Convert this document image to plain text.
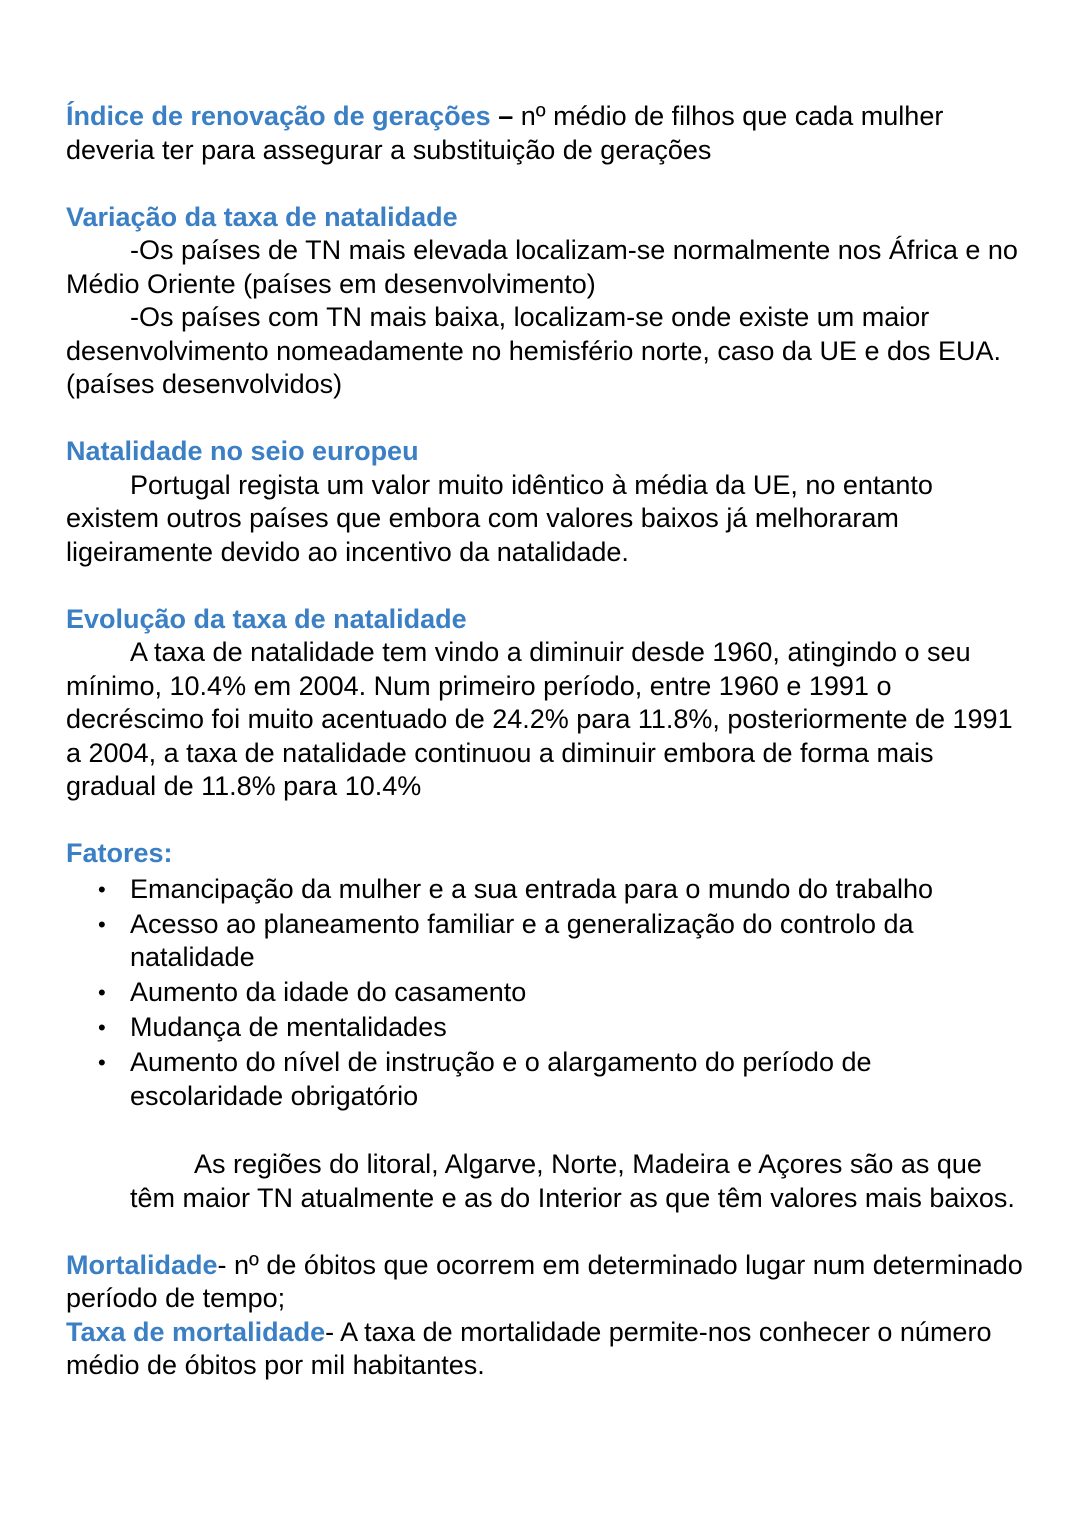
Índice de renovação de gerações – nº médio de filhos que cada mulher deveria ter para assegurar a substituição de gerações

Variação da taxa de natalidade

-Os países de TN mais elevada localizam-se normalmente nos África e no Médio Oriente (países em desenvolvimento)

-Os países com TN mais baixa, localizam-se onde existe um maior desenvolvimento nomeadamente no hemisfério norte, caso da UE e dos EUA. (países desenvolvidos)

Natalidade no seio europeu

Portugal regista um valor muito idêntico à média da UE, no entanto existem outros países que embora com valores baixos já melhoraram ligeiramente devido ao incentivo da natalidade.

Evolução da taxa de natalidade

A taxa de natalidade tem vindo a diminuir desde 1960, atingindo o seu mínimo, 10.4% em 2004. Num primeiro período, entre 1960 e 1991 o decréscimo foi muito acentuado de 24.2% para 11.8%, posteriormente de 1991 a 2004, a taxa de natalidade continuou a diminuir embora de forma mais gradual de 11.8% para 10.4%

Fatores:

• Emancipação da mulher e a sua entrada para o mundo do trabalho
• Acesso ao planeamento familiar e a generalização do controlo da natalidade
• Aumento da idade do casamento
• Mudança de mentalidades
• Aumento do nível de instrução e o alargamento do período de escolaridade obrigatório

As regiões do litoral, Algarve, Norte, Madeira e Açores são as que têm maior TN atualmente e as do Interior as que têm valores mais baixos.

Mortalidade- nº de óbitos que ocorrem em determinado lugar num determinado período de tempo;

Taxa de mortalidade- A taxa de mortalidade permite-nos conhecer o número médio de óbitos por mil habitantes.
